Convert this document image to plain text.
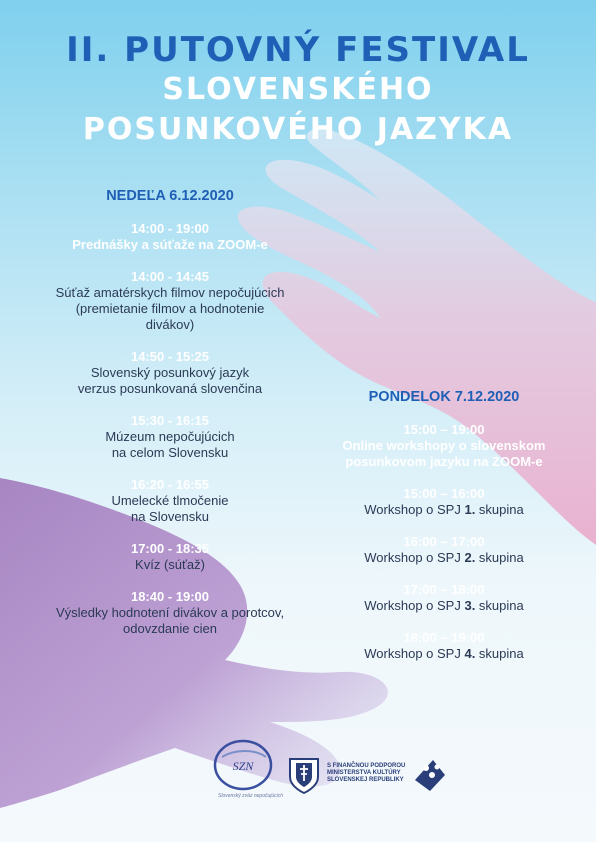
II. PUTOVNÝ FESTIVAL
SLOVENSKÉHO
POSUNKOVÉHO JAZYKA
NEDEĽA 6.12.2020
14:00 - 19:00
Prednášky a súťaže na ZOOM-e
14:00 - 14:45
Súťaž amatérskych filmov nepočujúcich
(premietanie filmov a hodnotenie
divákov)
14:50 - 15:25
Slovenský posunkový jazyk
verzus posunkovaná slovenčina
15:30 - 16:15
Múzeum nepočujúcich
na celom Slovensku
16:20 - 16:55
Umelecké tlmočenie
na Slovensku
17:00 - 18:35
Kvíz (súťaž)
18:40 - 19:00
Výsledky hodnotení divákov a porotcov,
odovzdanie cien
PONDELOK 7.12.2020
15:00 – 19:00
Online workshopy o slovenskom
posunkovom jazyku na ZOOM-e
15:00 – 16:00
Workshop o SPJ 1. skupina
16:00 – 17:00
Workshop o SPJ 2. skupina
17:00 – 18:00
Workshop o SPJ 3. skupina
18:00 – 19:00
Workshop o SPJ 4. skupina
SZN
Slovenský zväz nepočujúcich
S FINANČNOU PODPOROU
MINISTERSTVA KULTÚRY
SLOVENSKEJ REPUBLIKY
